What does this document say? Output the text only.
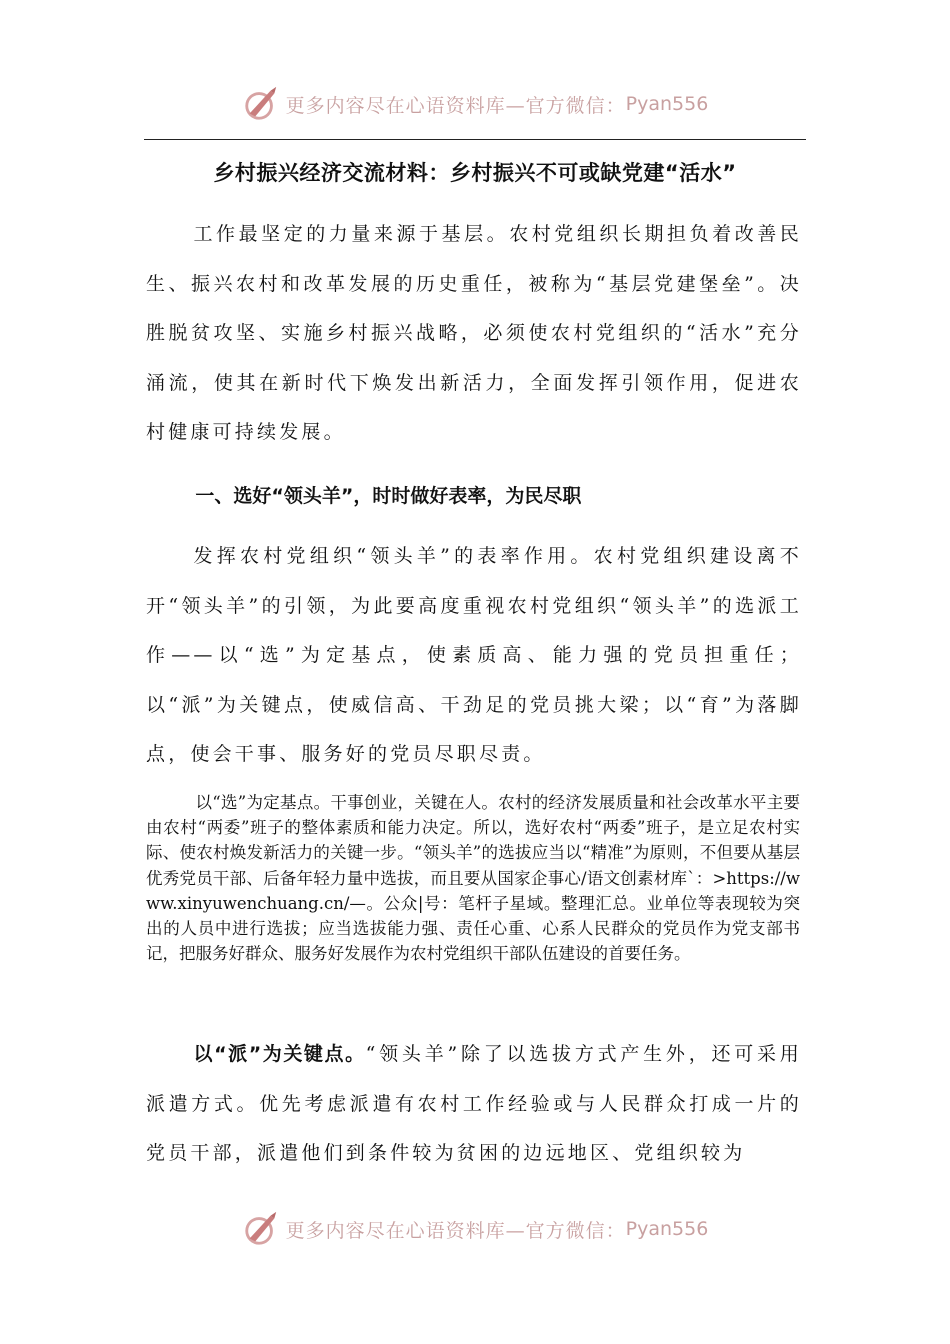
更多内容尽在心语资料库—官方微信： Pyan556
乡村振兴经济交流材料：乡村振兴不可或缺党建“活水”

工作最坚定的力量来源于基层。农村党组织长期担负着改善民生、振兴农村和改革发展的历史重任，被称为“基层党建堡垒”。决胜脱贫攻坚、实施乡村振兴战略，必须使农村党组织的“活水”充分涌流，使其在新时代下焕发出新活力，全面发挥引领作用，促进农村健康可持续发展。

一、选好“领头羊”，时时做好表率，为民尽职

发挥农村党组织“领头羊”的表率作用。农村党组织建设离不开“领头羊”的引领，为此要高度重视农村党组织“领头羊”的选派工作——以“选”为定基点，使素质高、能力强的党员担重任；以“派”为关键点，使威信高、干劲足的党员挑大梁；以“育”为落脚点，使会干事、服务好的党员尽职尽责。

以“选”为定基点。干事创业，关键在人。农村的经济发展质量和社会改革水平主要由农村“两委”班子的整体素质和能力决定。所以，选好农村“两委”班子，是立足农村实际、使农村焕发新活力的关键一步。“领头羊”的选拔应当以“精准”为原则，不但要从基层优秀党员干部、后备年轻力量中选拔，而且要从国家企事心/语文创素材库`：>https://www.xinyuwenchuang.cn/—。公众|号：笔杆子星域。整理汇总。业单位等表现较为突出的人员中进行选拔；应当选拔能力强、责任心重、心系人民群众的党员作为党支部书记，把服务好群众、服务好发展作为农村党组织干部队伍建设的首要任务。

以“派”为关键点。“领头羊”除了以选拔方式产生外，还可采用派遣方式。优先考虑派遣有农村工作经验或与人民群众打成一片的党员干部，派遣他们到条件较为贫困的边远地区、党组织较为

更多内容尽在心语资料库—官方微信： Pyan556
